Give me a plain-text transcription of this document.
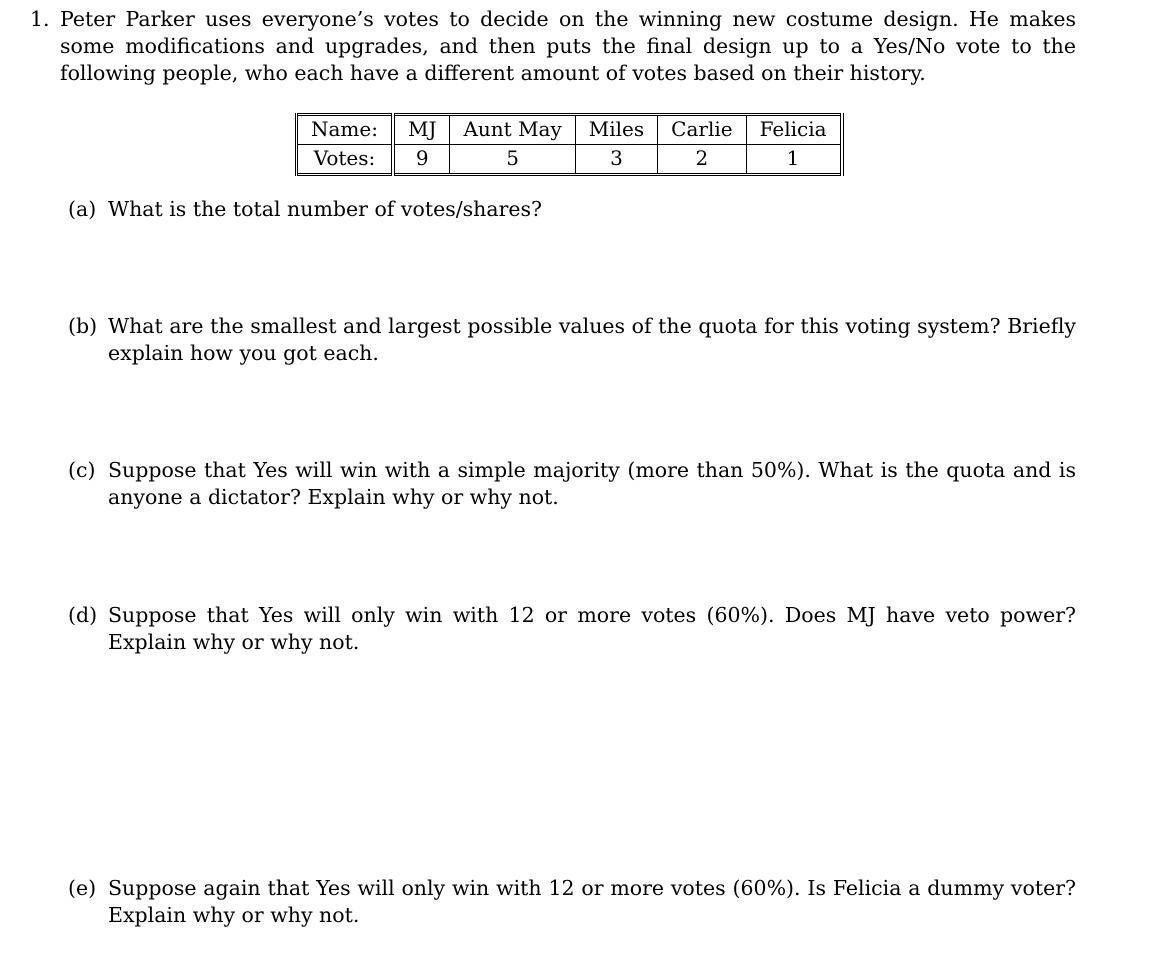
1. Peter Parker uses everyone’s votes to decide on the winning new costume design. He makes some modifications and upgrades, and then puts the final design up to a Yes/No vote to the following people, who each have a different amount of votes based on their history.
Name:	MJ	Aunt May	Miles	Carlie	Felicia
Votes:	9	5	3	2	1
(a) What is the total number of votes/shares?
(b) What are the smallest and largest possible values of the quota for this voting system? Briefly explain how you got each.
(c) Suppose that Yes will win with a simple majority (more than 50%). What is the quota and is anyone a dictator? Explain why or why not.
(d) Suppose that Yes will only win with 12 or more votes (60%). Does MJ have veto power? Explain why or why not.
(e) Suppose again that Yes will only win with 12 or more votes (60%). Is Felicia a dummy voter? Explain why or why not.
